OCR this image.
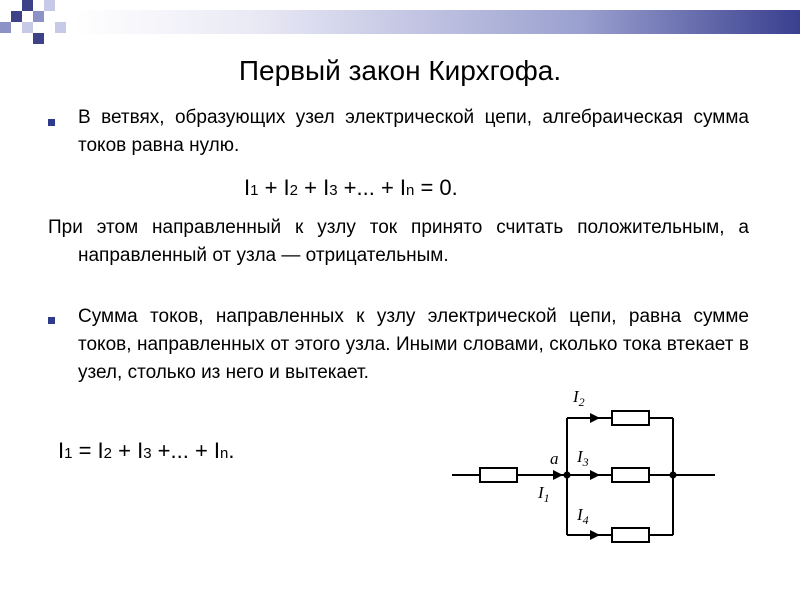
Первый закон Кирхгофа.
В ветвях, образующих узел электрической цепи, алгебраическая сумма токов равна нулю.
I1 + I2 + I3 +... + In = 0.
При этом направленный к узлу ток принято считать положительным, а направленный от узла — отрицательным.
Сумма токов, направленных к узлу электрической цепи, равна сумме токов, направленных от этого узла. Иными словами, сколько тока втекает в узел, столько из него и вытекает.
I1 = I2 + I3 +... + In.	a
$I_1$
$I_2$
$I_3$
$I_4$
